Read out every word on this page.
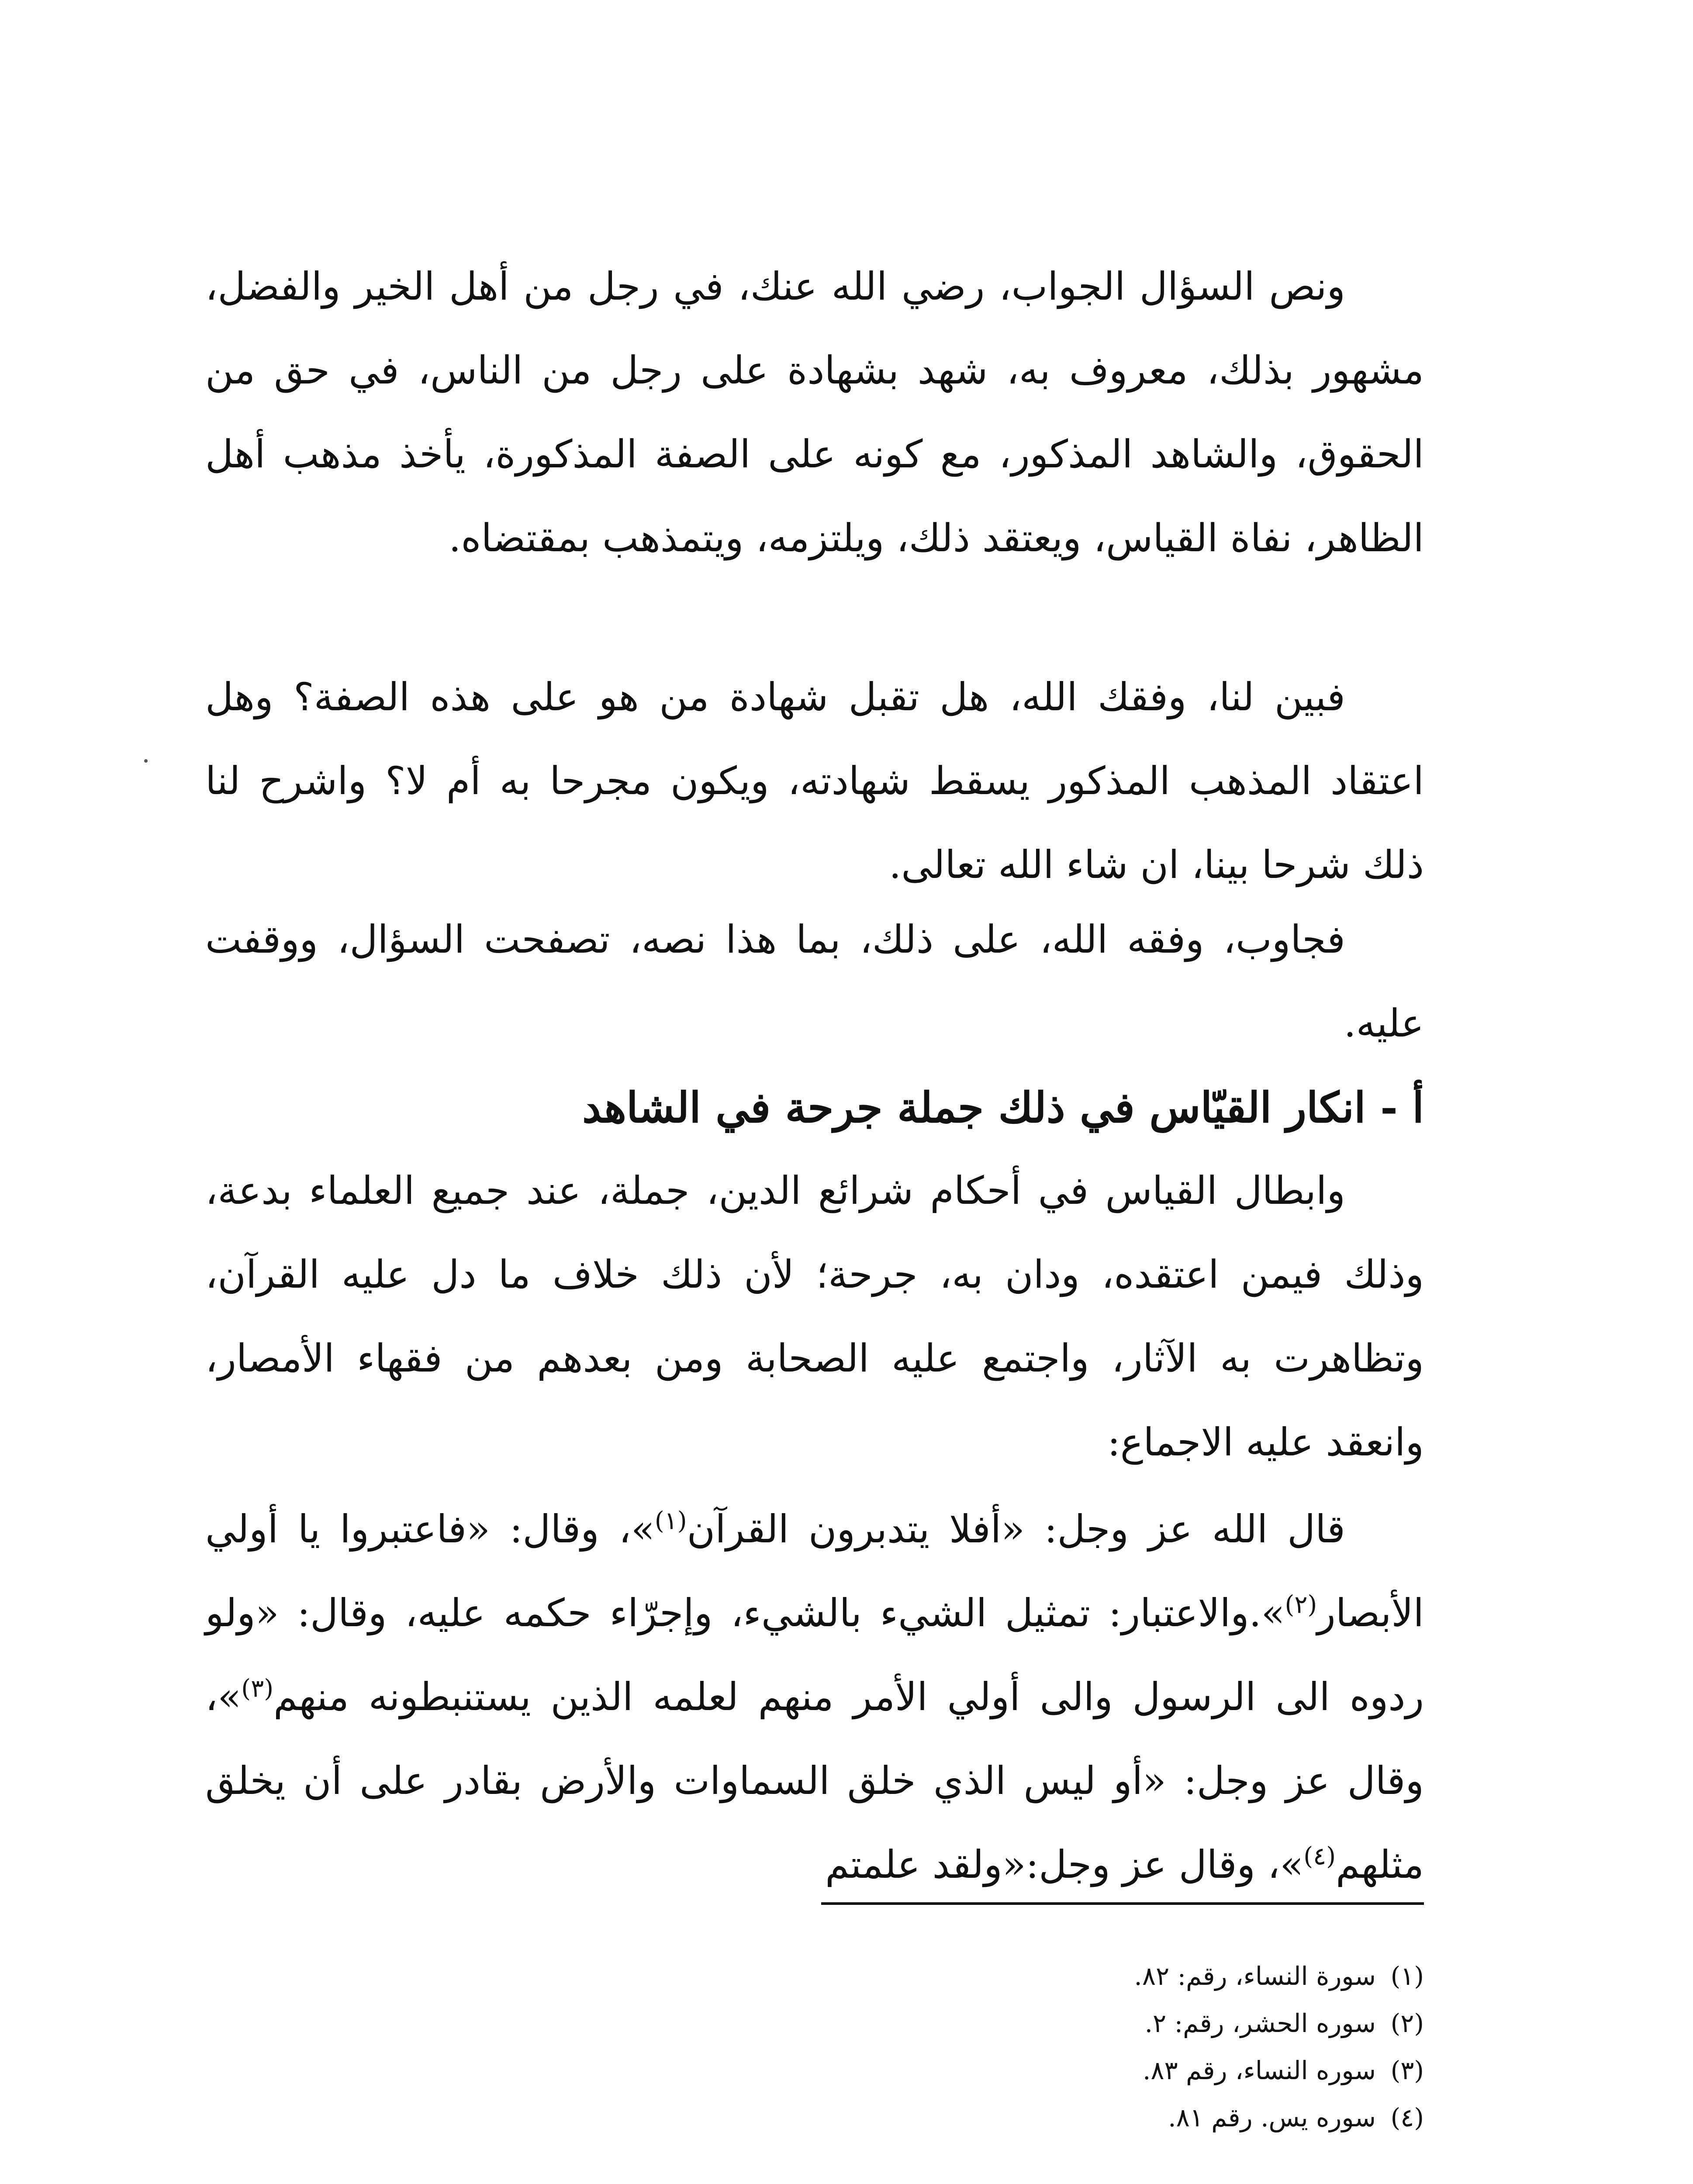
ونص السؤال الجواب، رضي الله عنك، في رجل من أهل الخير والفضل، مشهور بذلك، معروف به، شهد بشهادة على رجل من الناس، في حق من الحقوق، والشاهد المذكور، مع كونه على الصفة المذكورة، يأخذ مذهب أهل الظاهر، نفاة القياس، ويعتقد ذلك، ويلتزمه، ويتمذهب بمقتضاه.

فبين لنا، وفقك الله، هل تقبل شهادة من هو على هذه الصفة؟ وهل اعتقاد المذهب المذكور يسقط شهادته، ويكون مجرحا به أم لا؟ واشرح لنا ذلك شرحا بينا، ان شاء الله تعالى.

فجاوب، وفقه الله، على ذلك، بما هذا نصه، تصفحت السؤال، ووقفت عليه.

أ - انكار القيّاس في ذلك جملة جرحة في الشاهد

وابطال القياس في أحكام شرائع الدين، جملة، عند جميع العلماء بدعة، وذلك فيمن اعتقده، ودان به، جرحة؛ لأن ذلك خلاف ما دل عليه القرآن، وتظاهرت به الآثار، واجتمع عليه الصحابة ومن بعدهم من فقهاء الأمصار، وانعقد عليه الاجماع:

قال الله عز وجل: «أفلا يتدبرون القرآن$^{(١)}$»، وقال: «فاعتبروا يا أولي الأبصار$^{(٢)}$».والاعتبار: تمثيل الشيء بالشيء، وإجرّاء حكمه عليه، وقال: «ولو ردوه الى الرسول والى أولي الأمر منهم لعلمه الذين يستنبطونه منهم$^{(٣)}$»، وقال عز وجل: «أو ليس الذي خلق السماوات والأرض بقادر على أن يخلق مثلهم$^{(٤)}$»، وقال عز وجل:«ولقد علمتم

(١)سورة النساء، رقم: ٨٢.

(٢)سوره الحشر، رقم: ٢.

(٣)سوره النساء، رقم ٨٣.

(٤)سوره يس. رقم ٨١.
